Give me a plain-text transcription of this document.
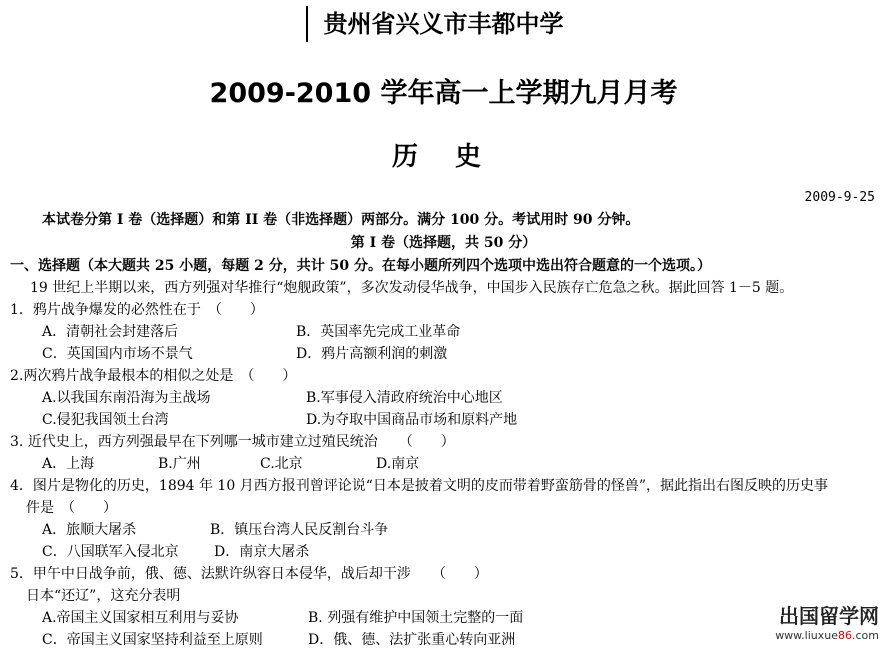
贵州省兴义市丰都中学
2009-2010 学年高一上学期九月月考
历 史
2009-9-25
本试卷分第 I 卷（选择题）和第 II 卷（非选择题）两部分。满分 100 分。考试用时 90 分钟。
第 I 卷（选择题，共 50 分）
一、选择题（本大题共 25 小题，每题 2 分，共计 50 分。在每小题所列四个选项中选出符合题意的一个选项。）
19 世纪上半期以来，西方列强对华推行“炮舰政策”，多次发动侵华战争，中国步入民族存亡危急之秋。据此回答 1－5 题。
1．鸦片战争爆发的必然性在于　（　　）
A．清朝社会封建落后	B．英国率先完成工业革命
C．英国国内市场不景气	D．鸦片高额利润的刺激
2.两次鸦片战争最根本的相似之处是　（　　）
A.以我国东南沿海为主战场	B.军事侵入清政府统治中心地区
C.侵犯我国领土台湾	D.为夺取中国商品市场和原料产地
3. 近代史上，西方列强最早在下列哪一城市建立过殖民统治　　（　　）
A．上海	B.广州	C.北京	D.南京
4．图片是物化的历史，1894 年 10 月西方报刊曾评论说“日本是披着文明的皮而带着野蛮筋骨的怪兽”，据此指出右图反映的历史事
件是　（　　）
A．旅顺大屠杀	B．镇压台湾人民反割台斗争
C．八国联军入侵北京	D．南京大屠杀
5．甲午中日战争前，俄、德、法默许纵容日本侵华，战后却干涉　　（　　）
日本“还辽”，这充分表明
A.帝国主义国家相互利用与妥协	B. 列强有维护中国领土完整的一面
C．帝国主义国家坚持利益至上原则	D．俄、德、法扩张重心转向亚洲
出国留学网
www.liuxue86.com
